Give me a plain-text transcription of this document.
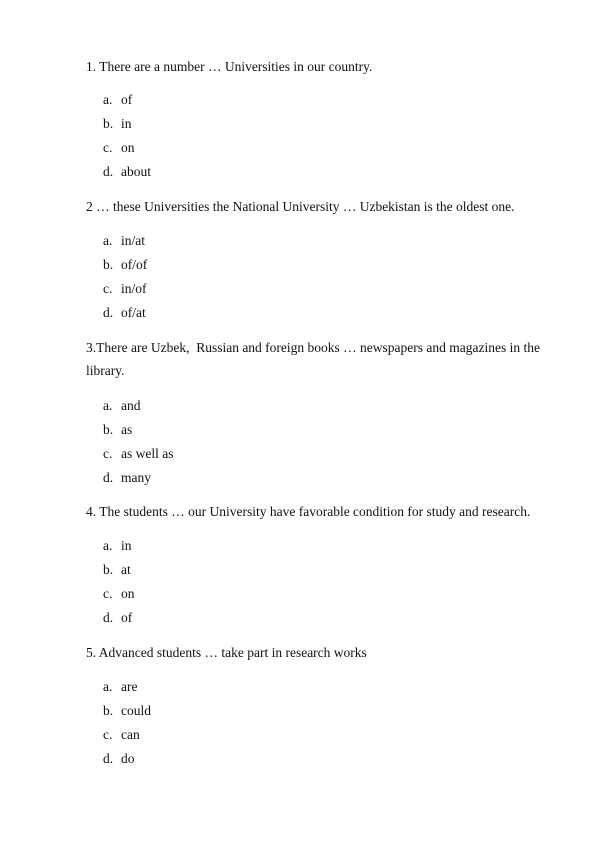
1. There are a number … Universities in our country.

a. of
b. in
c. on
d. about

2 … these Universities the National University … Uzbekistan is the oldest one.

a. in/at
b. of/of
c. in/of
d. of/at

3.There are Uzbek,  Russian and foreign books … newspapers and magazines in the library.

a. and
b. as
c. as well as
d. many

4. The students … our University have favorable condition for study and research.

a. in
b. at
c. on
d. of

5. Advanced students … take part in research works

a. are
b. could
c. can
d. do
